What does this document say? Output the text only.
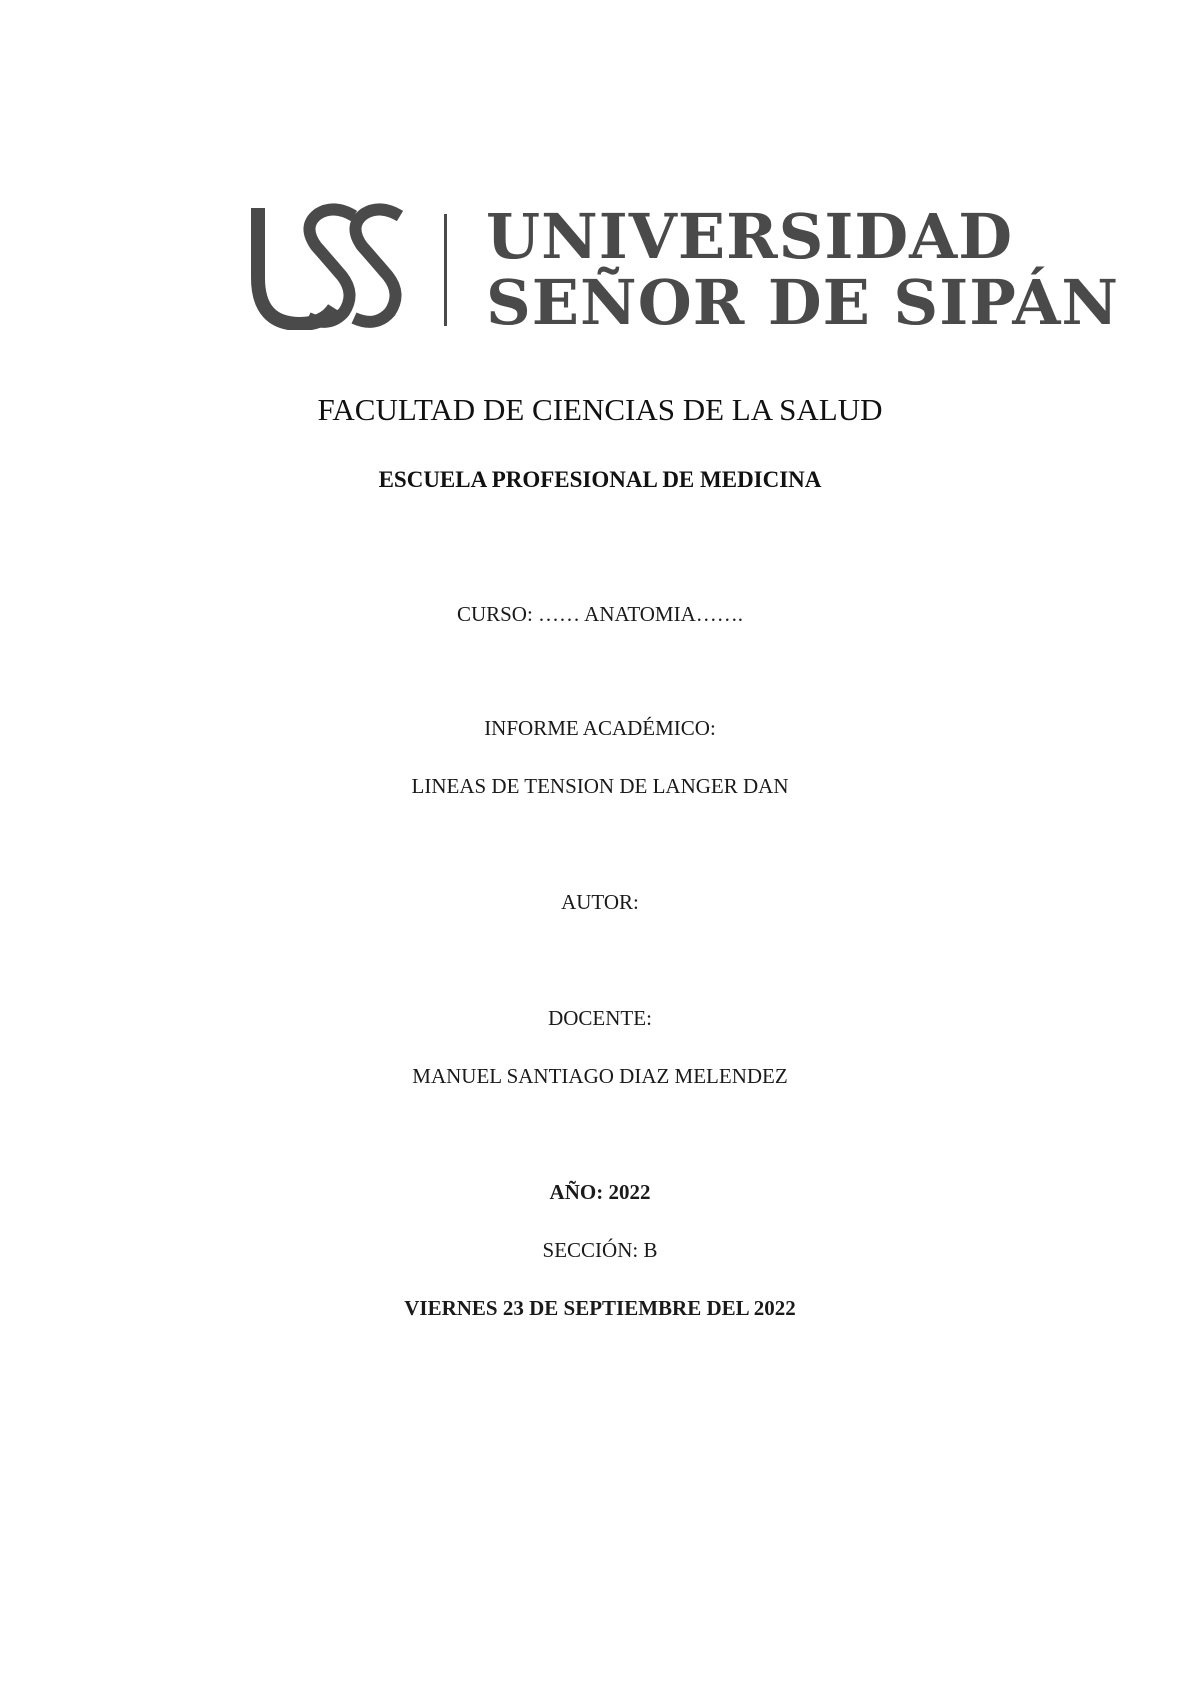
UNIVERSIDAD
SEÑOR DE SIPÁN
FACULTAD DE CIENCIAS DE LA SALUD
ESCUELA PROFESIONAL DE MEDICINA
CURSO: …… ANATOMIA…….
INFORME ACADÉMICO:
LINEAS DE TENSION DE LANGER DAN
AUTOR:
DOCENTE:
MANUEL SANTIAGO DIAZ MELENDEZ
AÑO: 2022
SECCIÓN: B
VIERNES 23 DE SEPTIEMBRE DEL 2022
